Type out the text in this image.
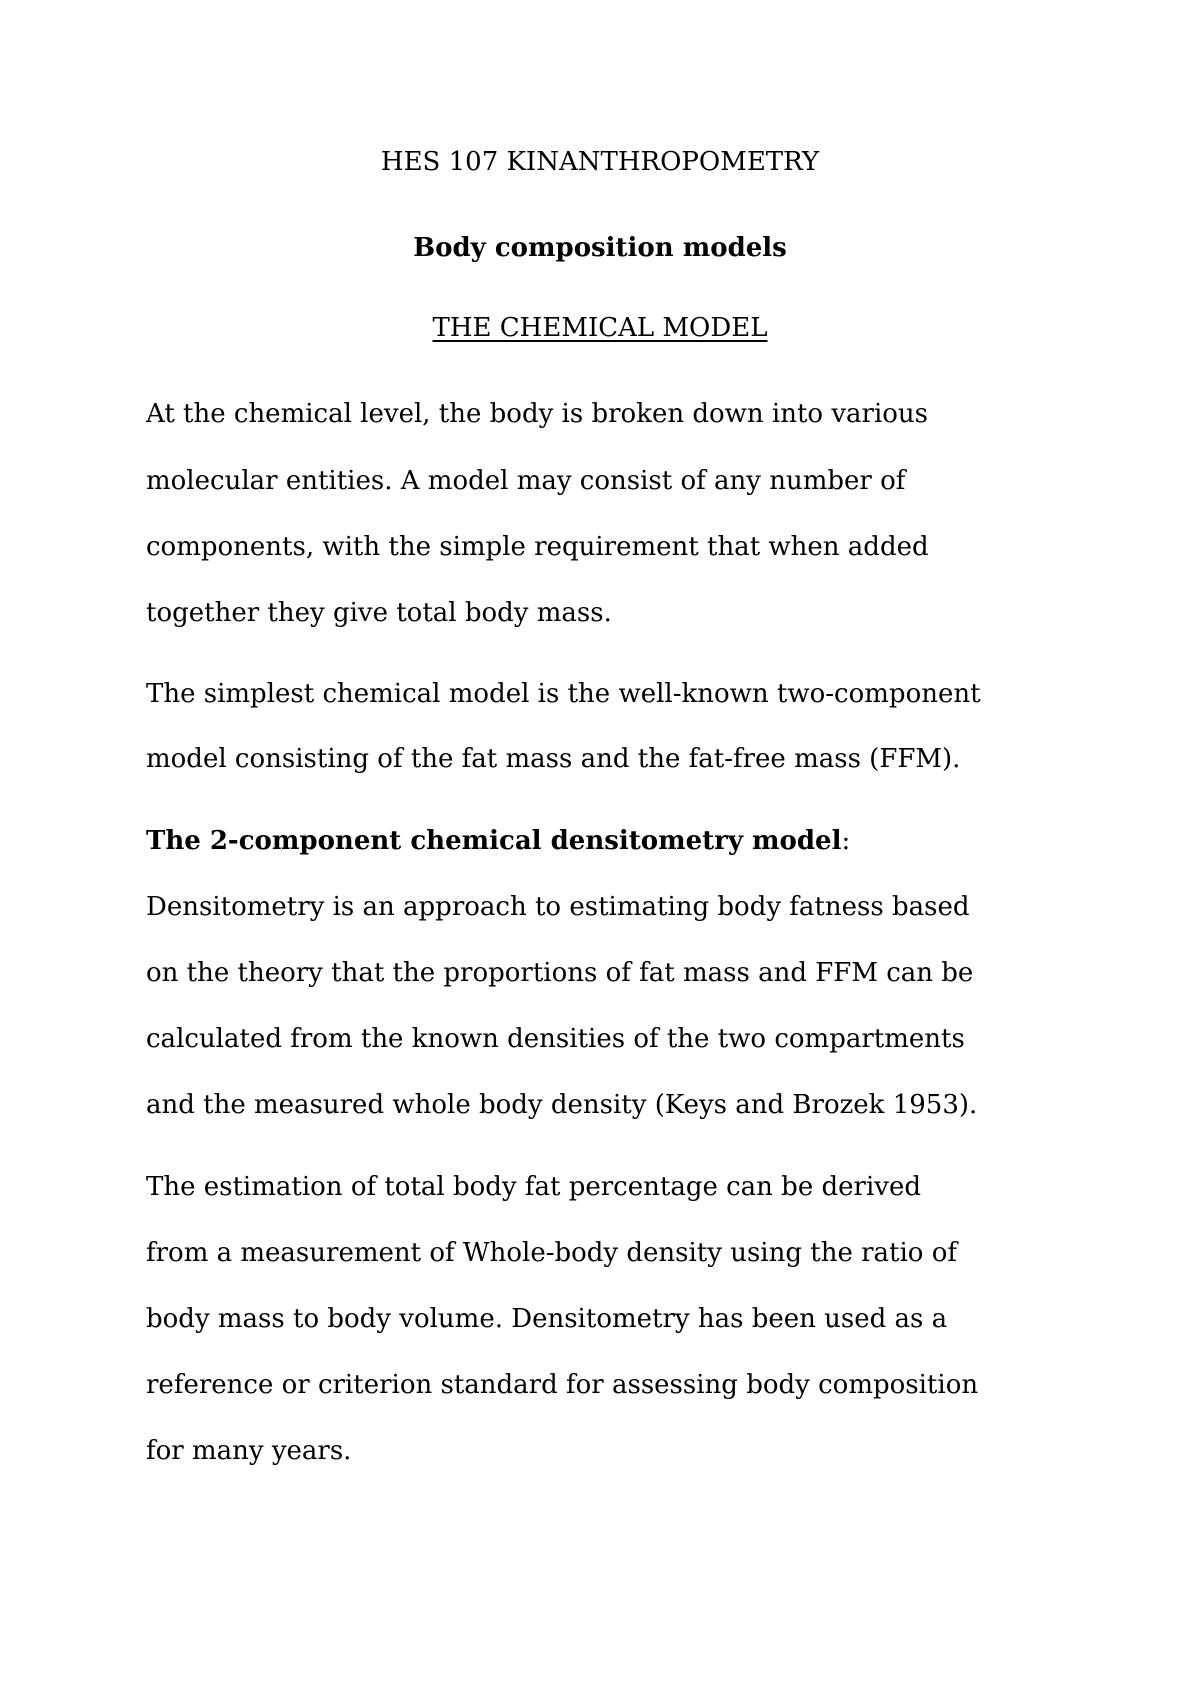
HES 107 KINANTHROPOMETRY
Body composition models
THE CHEMICAL MODEL
At the chemical level, the body is broken down into various
molecular entities. A model may consist of any number of
components, with the simple requirement that when added
together they give total body mass.
The simplest chemical model is the well-known two-component
model consisting of the fat mass and the fat-free mass (FFM).
The 2-component chemical densitometry model:
Densitometry is an approach to estimating body fatness based
on the theory that the proportions of fat mass and FFM can be
calculated from the known densities of the two compartments
and the measured whole body density (Keys and Brozek 1953).
The estimation of total body fat percentage can be derived
from a measurement of Whole-body density using the ratio of
body mass to body volume. Densitometry has been used as a
reference or criterion standard for assessing body composition
for many years.
